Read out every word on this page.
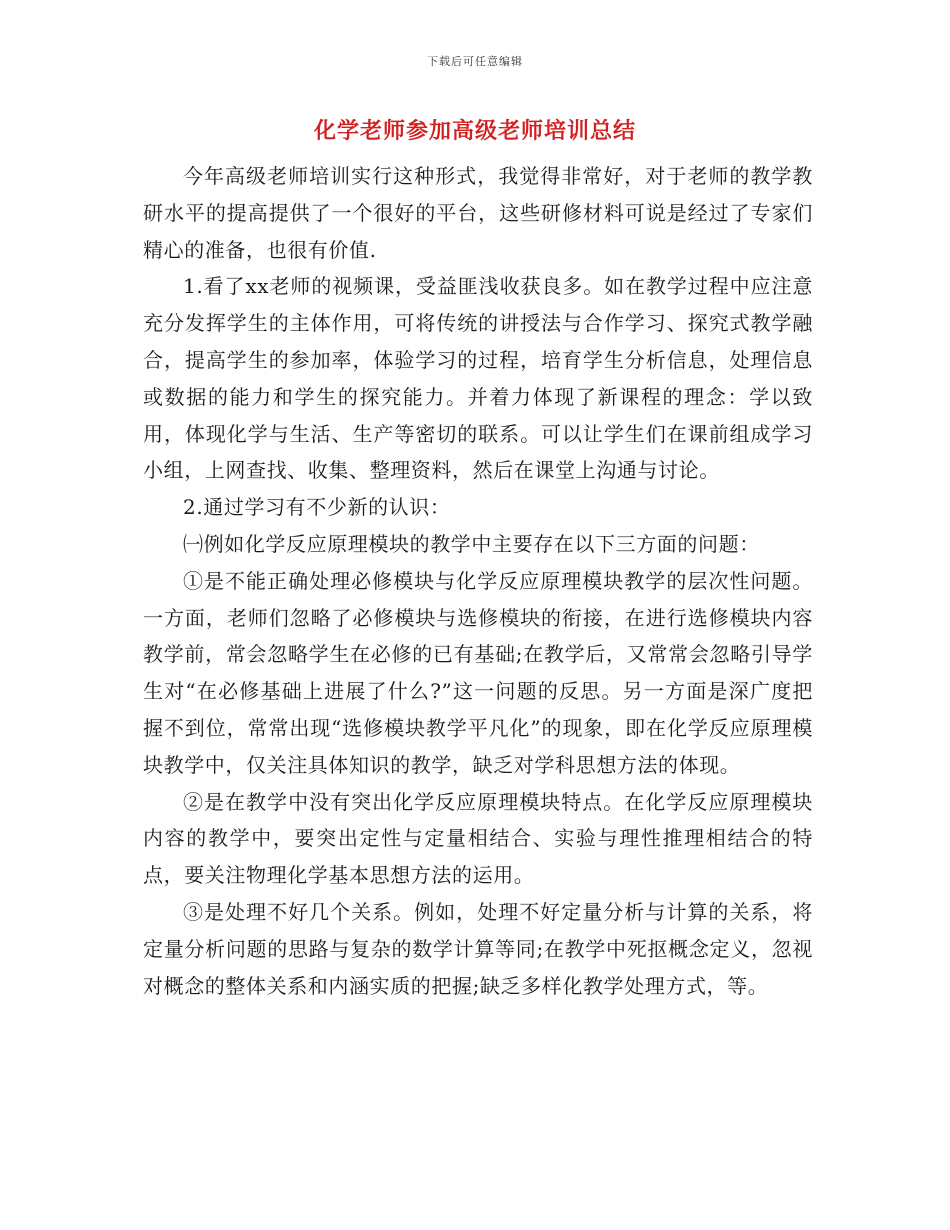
下载后可任意编辑
化学老师参加高级老师培训总结

今年高级老师培训实行这种形式，我觉得非常好，对于老师的教学教研水平的提高提供了一个很好的平台，这些研修材料可说是经过了专家们精心的准备，也很有价值.

1.看了xx老师的视频课，受益匪浅收获良多。如在教学过程中应注意充分发挥学生的主体作用，可将传统的讲授法与合作学习、探究式教学融合，提高学生的参加率，体验学习的过程，培育学生分析信息，处理信息或数据的能力和学生的探究能力。并着力体现了新课程的理念：学以致用，体现化学与生活、生产等密切的联系。可以让学生们在课前组成学习小组，上网查找、收集、整理资料，然后在课堂上沟通与讨论。

2.通过学习有不少新的认识：

㈠例如化学反应原理模块的教学中主要存在以下三方面的问题：

①是不能正确处理必修模块与化学反应原理模块教学的层次性问题。一方面，老师们忽略了必修模块与选修模块的衔接，在进行选修模块内容教学前，常会忽略学生在必修的已有基础;在教学后，又常常会忽略引导学生对“在必修基础上进展了什么?”这一问题的反思。另一方面是深广度把握不到位，常常出现“选修模块教学平凡化”的现象，即在化学反应原理模块教学中，仅关注具体知识的教学，缺乏对学科思想方法的体现。

②是在教学中没有突出化学反应原理模块特点。在化学反应原理模块内容的教学中，要突出定性与定量相结合、实验与理性推理相结合的特点，要关注物理化学基本思想方法的运用。

③是处理不好几个关系。例如，处理不好定量分析与计算的关系，将定量分析问题的思路与复杂的数学计算等同;在教学中死抠概念定义，忽视对概念的整体关系和内涵实质的把握;缺乏多样化教学处理方式，等。
